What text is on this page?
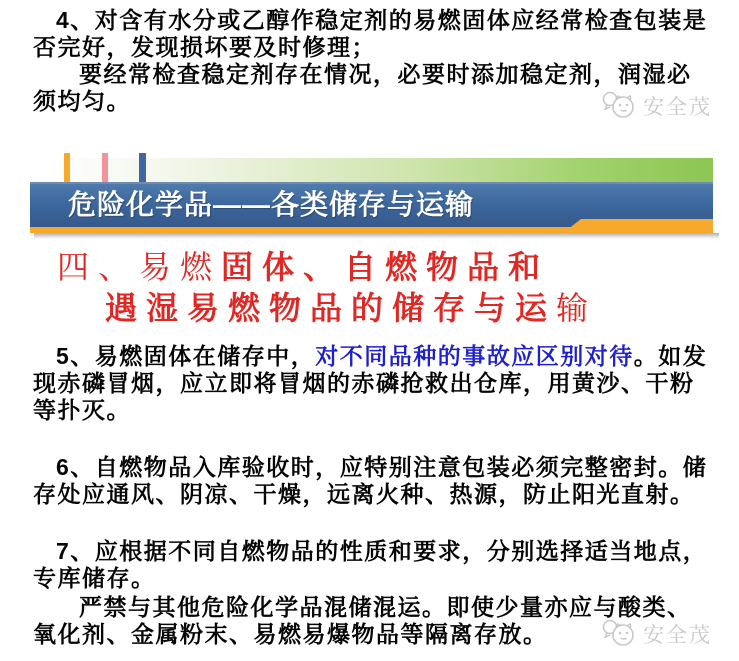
4、对含有水分或乙醇作稳定剂的易燃固体应经常检查包装是否完好，发现损坏要及时修理；

要经常检查稳定剂存在情况，必要时添加稳定剂，润湿必须均匀。	安全茂
危险化学品——各类储存与运输
四、易燃固体、自燃物品和
遇湿易燃物品的储存与运输

5、易燃固体在储存中，对不同品种的事故应区别对待。如发现赤磷冒烟，应立即将冒烟的赤磷抢救出仓库，用黄沙、干粉等扑灭。

6、自燃物品入库验收时，应特别注意包装必须完整密封。储存处应通风、阴凉、干燥，远离火种、热源，防止阳光直射。

7、应根据不同自燃物品的性质和要求，分别选择适当地点，专库储存。

严禁与其他危险化学品混储混运。即使少量亦应与酸类、氧化剂、金属粉末、易燃易爆物品等隔离存放。	安全茂
